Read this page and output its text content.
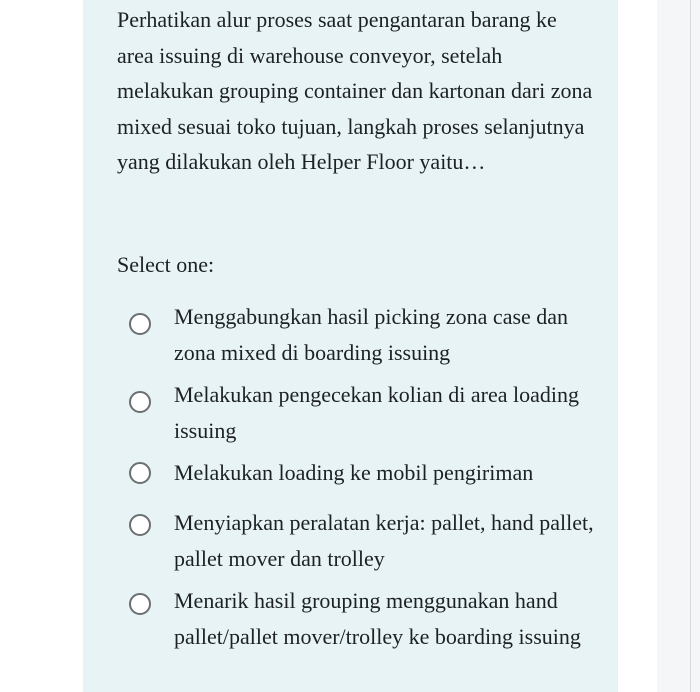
Perhatikan alur proses saat pengantaran barang ke area issuing di warehouse conveyor, setelah melakukan grouping container dan kartonan dari zona mixed sesuai toko tujuan, langkah proses selanjutnya yang dilakukan oleh Helper Floor yaitu…

Select one:

Menggabungkan hasil picking zona case dan zona mixed di boarding issuing

Melakukan pengecekan kolian di area loading issuing

Melakukan loading ke mobil pengiriman

Menyiapkan peralatan kerja: pallet, hand pallet, pallet mover dan trolley

Menarik hasil grouping menggunakan hand pallet/pallet mover/trolley ke boarding issuing
